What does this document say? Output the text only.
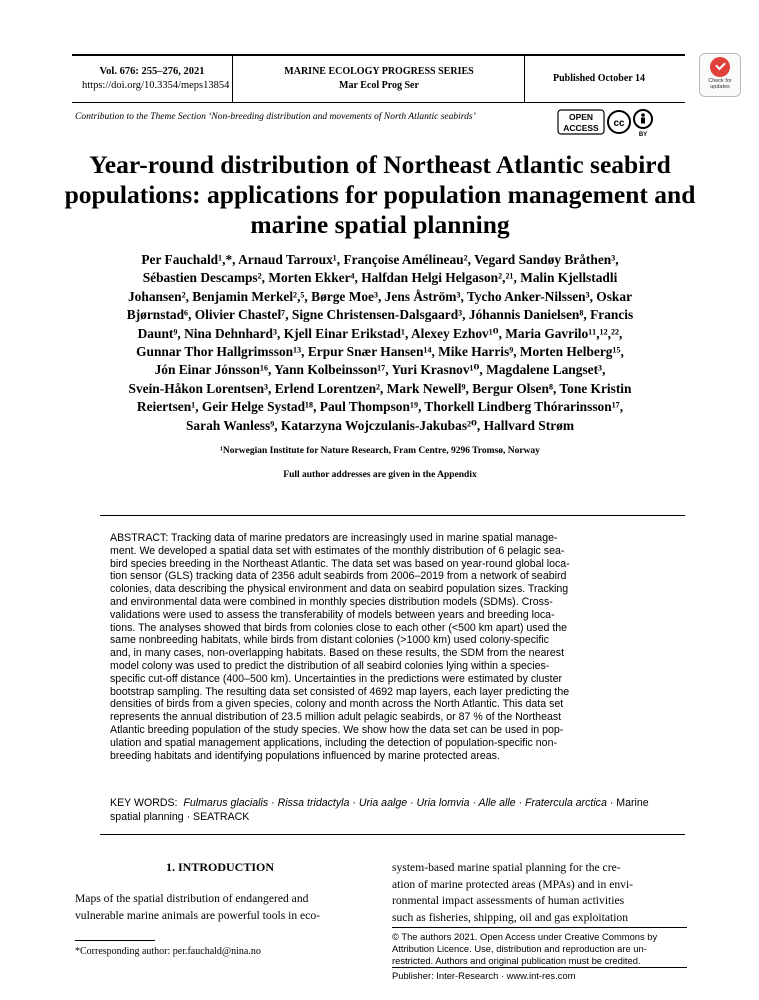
Vol. 676: 255–276, 2021
https://doi.org/10.3354/meps13854
MARINE ECOLOGY PROGRESS SERIES
Mar Ecol Prog Ser
Published October 14	Check for updates
Contribution to the Theme Section ‘Non-breeding distribution and movements of North Atlantic seabirds’	OPEN
ACCESS cc
BY
Year-round distribution of Northeast Atlantic seabird populations: applications for population management and marine spatial planning
Per Fauchald¹,*, Arnaud Tarroux¹, Françoise Amélineau², Vegard Sandøy Bråthen³,
Sébastien Descamps², Morten Ekker⁴, Halfdan Helgi Helgason²,²¹, Malin Kjellstadli
Johansen², Benjamin Merkel²,⁵, Børge Moe³, Jens Åström³, Tycho Anker-Nilssen³, Oskar
Bjørnstad⁶, Olivier Chastel⁷, Signe Christensen-Dalsgaard³, Jóhannis Danielsen⁸, Francis
Daunt⁹, Nina Dehnhard³, Kjell Einar Erikstad¹, Alexey Ezhov¹⁰, Maria Gavrilo¹¹,¹²,²²,
Gunnar Thor Hallgrimsson¹³, Erpur Snær Hansen¹⁴, Mike Harris⁹, Morten Helberg¹⁵,
Jón Einar Jónsson¹⁶, Yann Kolbeinsson¹⁷, Yuri Krasnov¹⁰, Magdalene Langset³,
Svein-Håkon Lorentsen³, Erlend Lorentzen², Mark Newell⁹, Bergur Olsen⁸, Tone Kristin
Reiertsen¹, Geir Helge Systad¹⁸, Paul Thompson¹⁹, Thorkell Lindberg Thórarinsson¹⁷,
Sarah Wanless⁹, Katarzyna Wojczulanis-Jakubas²⁰, Hallvard Strøm
¹Norwegian Institute for Nature Research, Fram Centre, 9296 Tromsø, Norway
Full author addresses are given in the Appendix
ABSTRACT: Tracking data of marine predators are increasingly used in marine spatial manage-
ment. We developed a spatial data set with estimates of the monthly distribution of 6 pelagic sea-
bird species breeding in the Northeast Atlantic. The data set was based on year-round global loca-
tion sensor (GLS) tracking data of 2356 adult seabirds from 2006–2019 from a network of seabird
colonies, data describing the physical environment and data on seabird population sizes. Tracking
and environmental data were combined in monthly species distribution models (SDMs). Cross-
validations were used to assess the transferability of models between years and breeding loca-
tions. The analyses showed that birds from colonies close to each other (<500 km apart) used the
same nonbreeding habitats, while birds from distant colonies (>1000 km) used colony-specific
and, in many cases, non-overlapping habitats. Based on these results, the SDM from the nearest
model colony was used to predict the distribution of all seabird colonies lying within a species-
specific cut-off distance (400–500 km). Uncertainties in the predictions were estimated by cluster
bootstrap sampling. The resulting data set consisted of 4692 map layers, each layer predicting the
densities of birds from a given species, colony and month across the North Atlantic. This data set
represents the annual distribution of 23.5 million adult pelagic seabirds, or 87 % of the Northeast
Atlantic breeding population of the study species. We show how the data set can be used in pop-
ulation and spatial management applications, including the detection of population-specific non-
breeding habitats and identifying populations influenced by marine protected areas.
KEY WORDS: Fulmarus glacialis · Rissa tridactyla · Uria aalge · Uria lomvia · Alle alle · Fratercula arctica · Marine spatial planning · SEATRACK
1. INTRODUCTION
Maps of the spatial distribution of endangered and
vulnerable marine animals are powerful tools in eco-
system-based marine spatial planning for the cre-
ation of marine protected areas (MPAs) and in envi-
ronmental impact assessments of human activities
such as fisheries, shipping, oil and gas exploitation
*Corresponding author: per.fauchald@nina.no
© The authors 2021. Open Access under Creative Commons by
Attribution Licence. Use, distribution and reproduction are un-
restricted. Authors and original publication must be credited.
Publisher: Inter-Research · www.int-res.com
